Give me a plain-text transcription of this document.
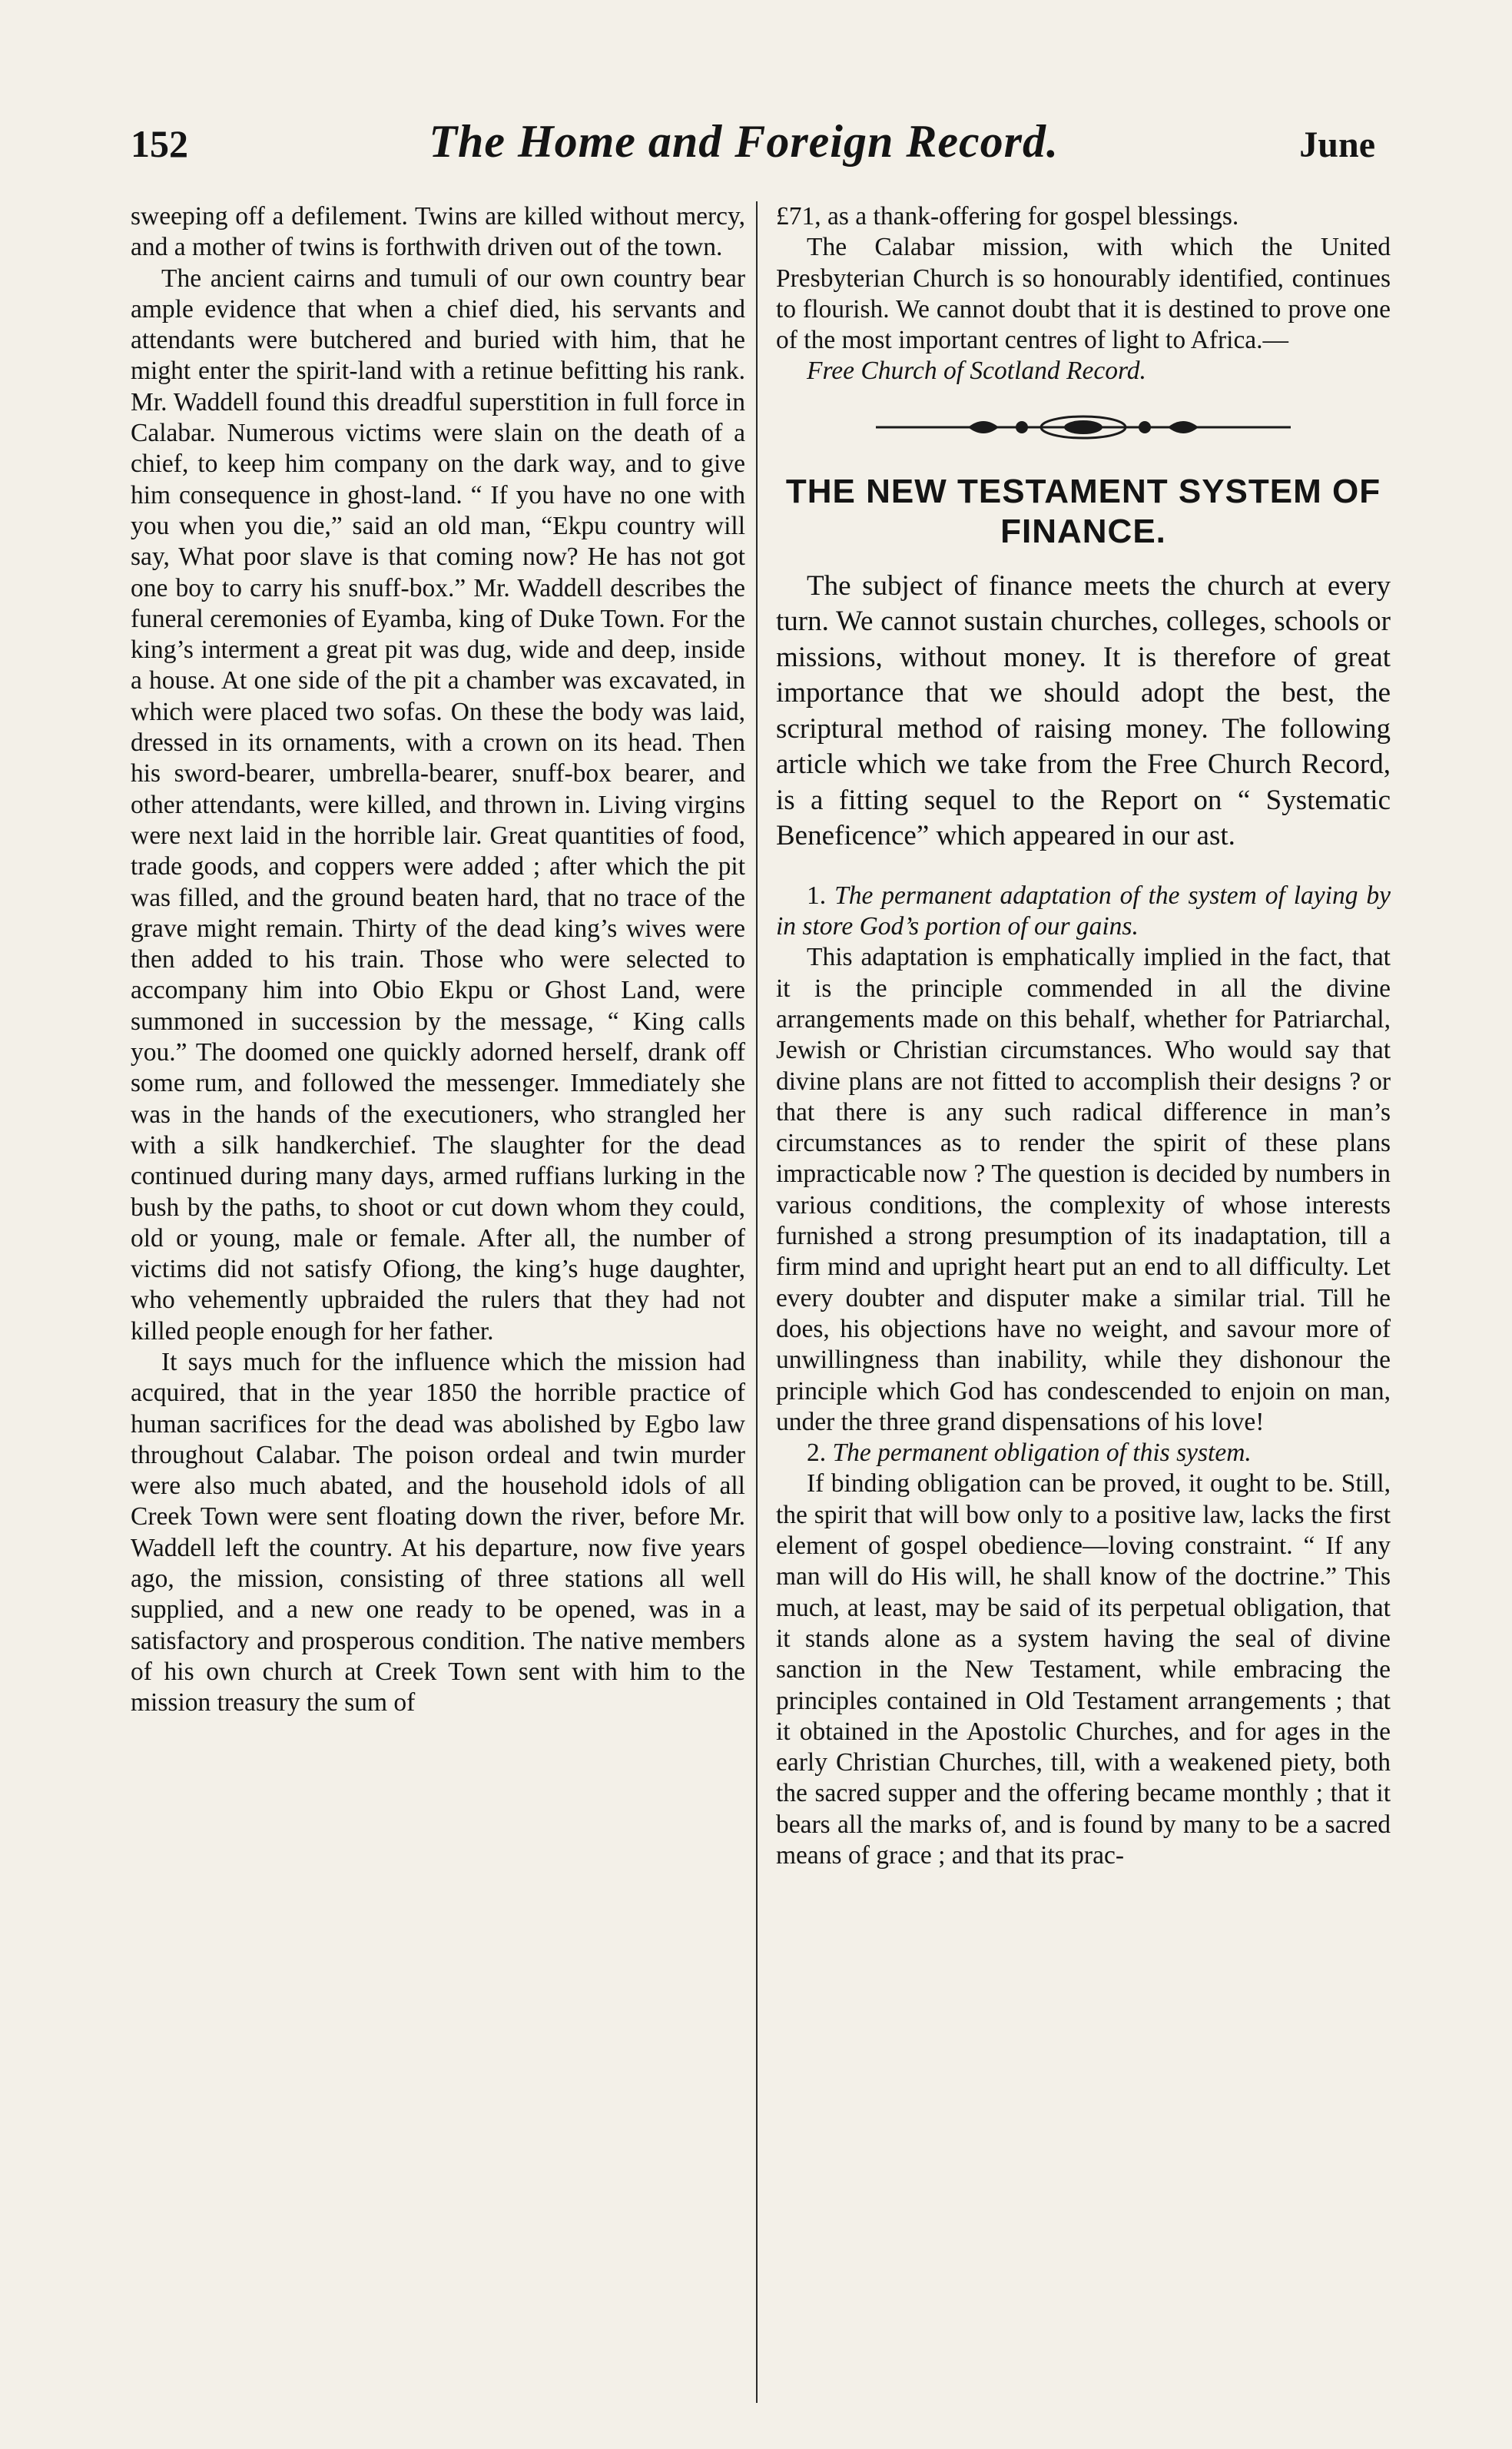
152	The Home and Foreign Record.	June

sweeping off a defilement. Twins are killed without mercy, and a mother of twins is forthwith driven out of the town.

The ancient cairns and tumuli of our own country bear ample evidence that when a chief died, his servants and attendants were butchered and buried with him, that he might enter the spirit-land with a retinue befitting his rank. Mr. Waddell found this dreadful superstition in full force in Calabar. Numerous victims were slain on the death of a chief, to keep him company on the dark way, and to give him consequence in ghost-land. “ If you have no one with you when you die,” said an old man, “Ekpu country will say, What poor slave is that coming now? He has not got one boy to carry his snuff-box.” Mr. Waddell describes the funeral ceremonies of Eyamba, king of Duke Town. For the king’s interment a great pit was dug, wide and deep, inside a house. At one side of the pit a chamber was excavated, in which were placed two sofas. On these the body was laid, dressed in its ornaments, with a crown on its head. Then his sword-bearer, umbrella-bearer, snuff-box bearer, and other attendants, were killed, and thrown in. Living virgins were next laid in the horrible lair. Great quantities of food, trade goods, and coppers were added ; after which the pit was filled, and the ground beaten hard, that no trace of the grave might remain. Thirty of the dead king’s wives were then added to his train. Those who were selected to accompany him into Obio Ekpu or Ghost Land, were summoned in succession by the message, “ King calls you.” The doomed one quickly adorned herself, drank off some rum, and followed the messenger. Immediately she was in the hands of the executioners, who strangled her with a silk handkerchief. The slaughter for the dead continued during many days, armed ruffians lurking in the bush by the paths, to shoot or cut down whom they could, old or young, male or female. After all, the number of victims did not satisfy Ofiong, the king’s huge daughter, who vehemently upbraided the rulers that they had not killed people enough for her father.

It says much for the influence which the mission had acquired, that in the year 1850 the horrible practice of human sacrifices for the dead was abolished by Egbo law throughout Calabar. The poison ordeal and twin murder were also much abated, and the household idols of all Creek Town were sent floating down the river, before Mr. Waddell left the country. At his departure, now five years ago, the mission, consisting of three stations all well supplied, and a new one ready to be opened, was in a satisfactory and prosperous condition. The native members of his own church at Creek Town sent with him to the mission treasury the sum of

£71, as a thank-offering for gospel blessings.

The Calabar mission, with which the United Presbyterian Church is so honourably identified, continues to flourish. We cannot doubt that it is destined to prove one of the most important centres of light to Africa.—

Free Church of Scotland Record.

THE NEW TESTAMENT SYSTEM OF FINANCE.

The subject of finance meets the church at every turn. We cannot sustain churches, colleges, schools or missions, without money. It is therefore of great importance that we should adopt the best, the scriptural method of raising money. The following article which we take from the Free Church Record, is a fitting sequel to the Report on “ Systematic Beneficence” which appeared in our ast.

1. The permanent adaptation of the system of laying by in store God’s portion of our gains.

This adaptation is emphatically implied in the fact, that it is the principle commended in all the divine arrangements made on this behalf, whether for Patriarchal, Jewish or Christian circumstances. Who would say that divine plans are not fitted to accomplish their designs ? or that there is any such radical difference in man’s circumstances as to render the spirit of these plans impracticable now ? The question is decided by numbers in various conditions, the complexity of whose interests furnished a strong presumption of its inadaptation, till a firm mind and upright heart put an end to all difficulty. Let every doubter and disputer make a similar trial. Till he does, his objections have no weight, and savour more of unwillingness than inability, while they dishonour the principle which God has condescended to enjoin on man, under the three grand dispensations of his love!

2. The permanent obligation of this system.

If binding obligation can be proved, it ought to be. Still, the spirit that will bow only to a positive law, lacks the first element of gospel obedience—loving constraint. “ If any man will do His will, he shall know of the doctrine.” This much, at least, may be said of its perpetual obligation, that it stands alone as a system having the seal of divine sanction in the New Testament, while embracing the principles contained in Old Testament arrangements ; that it obtained in the Apostolic Churches, and for ages in the early Christian Churches, till, with a weakened piety, both the sacred supper and the offering became monthly ; that it bears all the marks of, and is found by many to be a sacred means of grace ; and that its prac-
